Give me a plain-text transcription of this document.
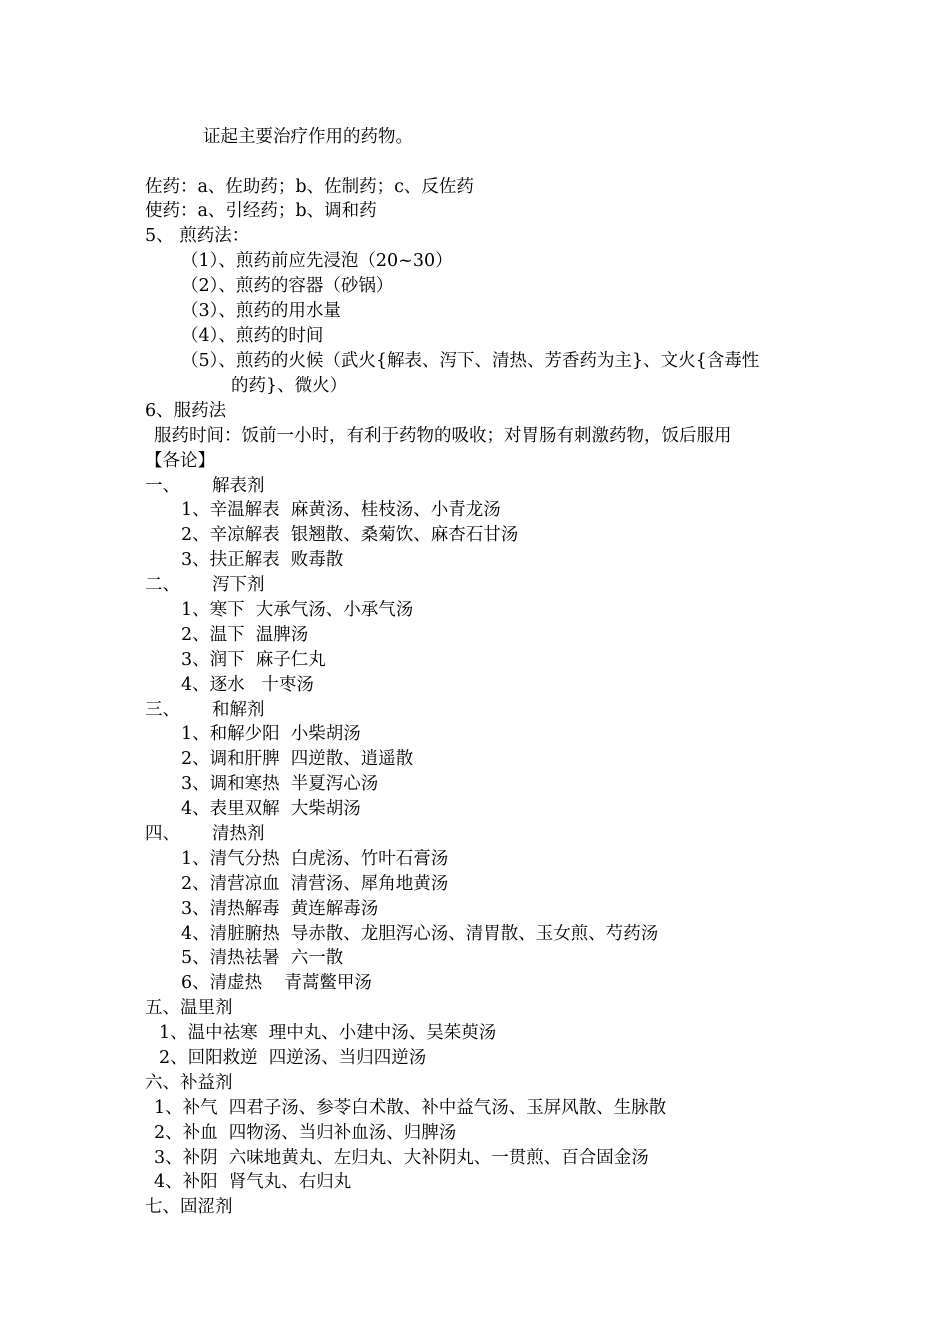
证起主要治疗作用的药物。
佐药：a、佐助药；b、佐制药；c、反佐药
使药：a、引经药；b、调和药
5、 煎药法：
（1）、煎药前应先浸泡（20~30）
（2）、煎药的容器（砂锅）
（3）、煎药的用水量
（4）、煎药的时间
（5）、煎药的火候（武火{解表、泻下、清热、芳香药为主}、文火{含毒性
的药}、微火）
6、服药法
服药时间：饭前一小时，有利于药物的吸收；对胃肠有刺激药物，饭后服用
【各论】
一、 解表剂
1、辛温解表  麻黄汤、桂枝汤、小青龙汤
2、辛凉解表  银翘散、桑菊饮、麻杏石甘汤
3、扶正解表  败毒散
二、 泻下剂
1、寒下  大承气汤、小承气汤
2、温下  温脾汤
3、润下  麻子仁丸
4、逐水   十枣汤
三、 和解剂
1、和解少阳  小柴胡汤
2、调和肝脾  四逆散、逍遥散
3、调和寒热  半夏泻心汤
4、表里双解  大柴胡汤
四、 清热剂
1、清气分热  白虎汤、竹叶石膏汤
2、清营凉血  清营汤、犀角地黄汤
3、清热解毒  黄连解毒汤
4、清脏腑热  导赤散、龙胆泻心汤、清胃散、玉女煎、芍药汤
5、清热祛暑  六一散
6、清虚热    青蒿鳖甲汤
五、温里剂
1、温中祛寒  理中丸、小建中汤、吴茱萸汤
2、回阳救逆  四逆汤、当归四逆汤
六、补益剂
1、补气  四君子汤、参苓白术散、补中益气汤、玉屏风散、生脉散
2、补血  四物汤、当归补血汤、归脾汤
3、补阴  六味地黄丸、左归丸、大补阴丸、一贯煎、百合固金汤
4、补阳  肾气丸、右归丸
七、固涩剂
